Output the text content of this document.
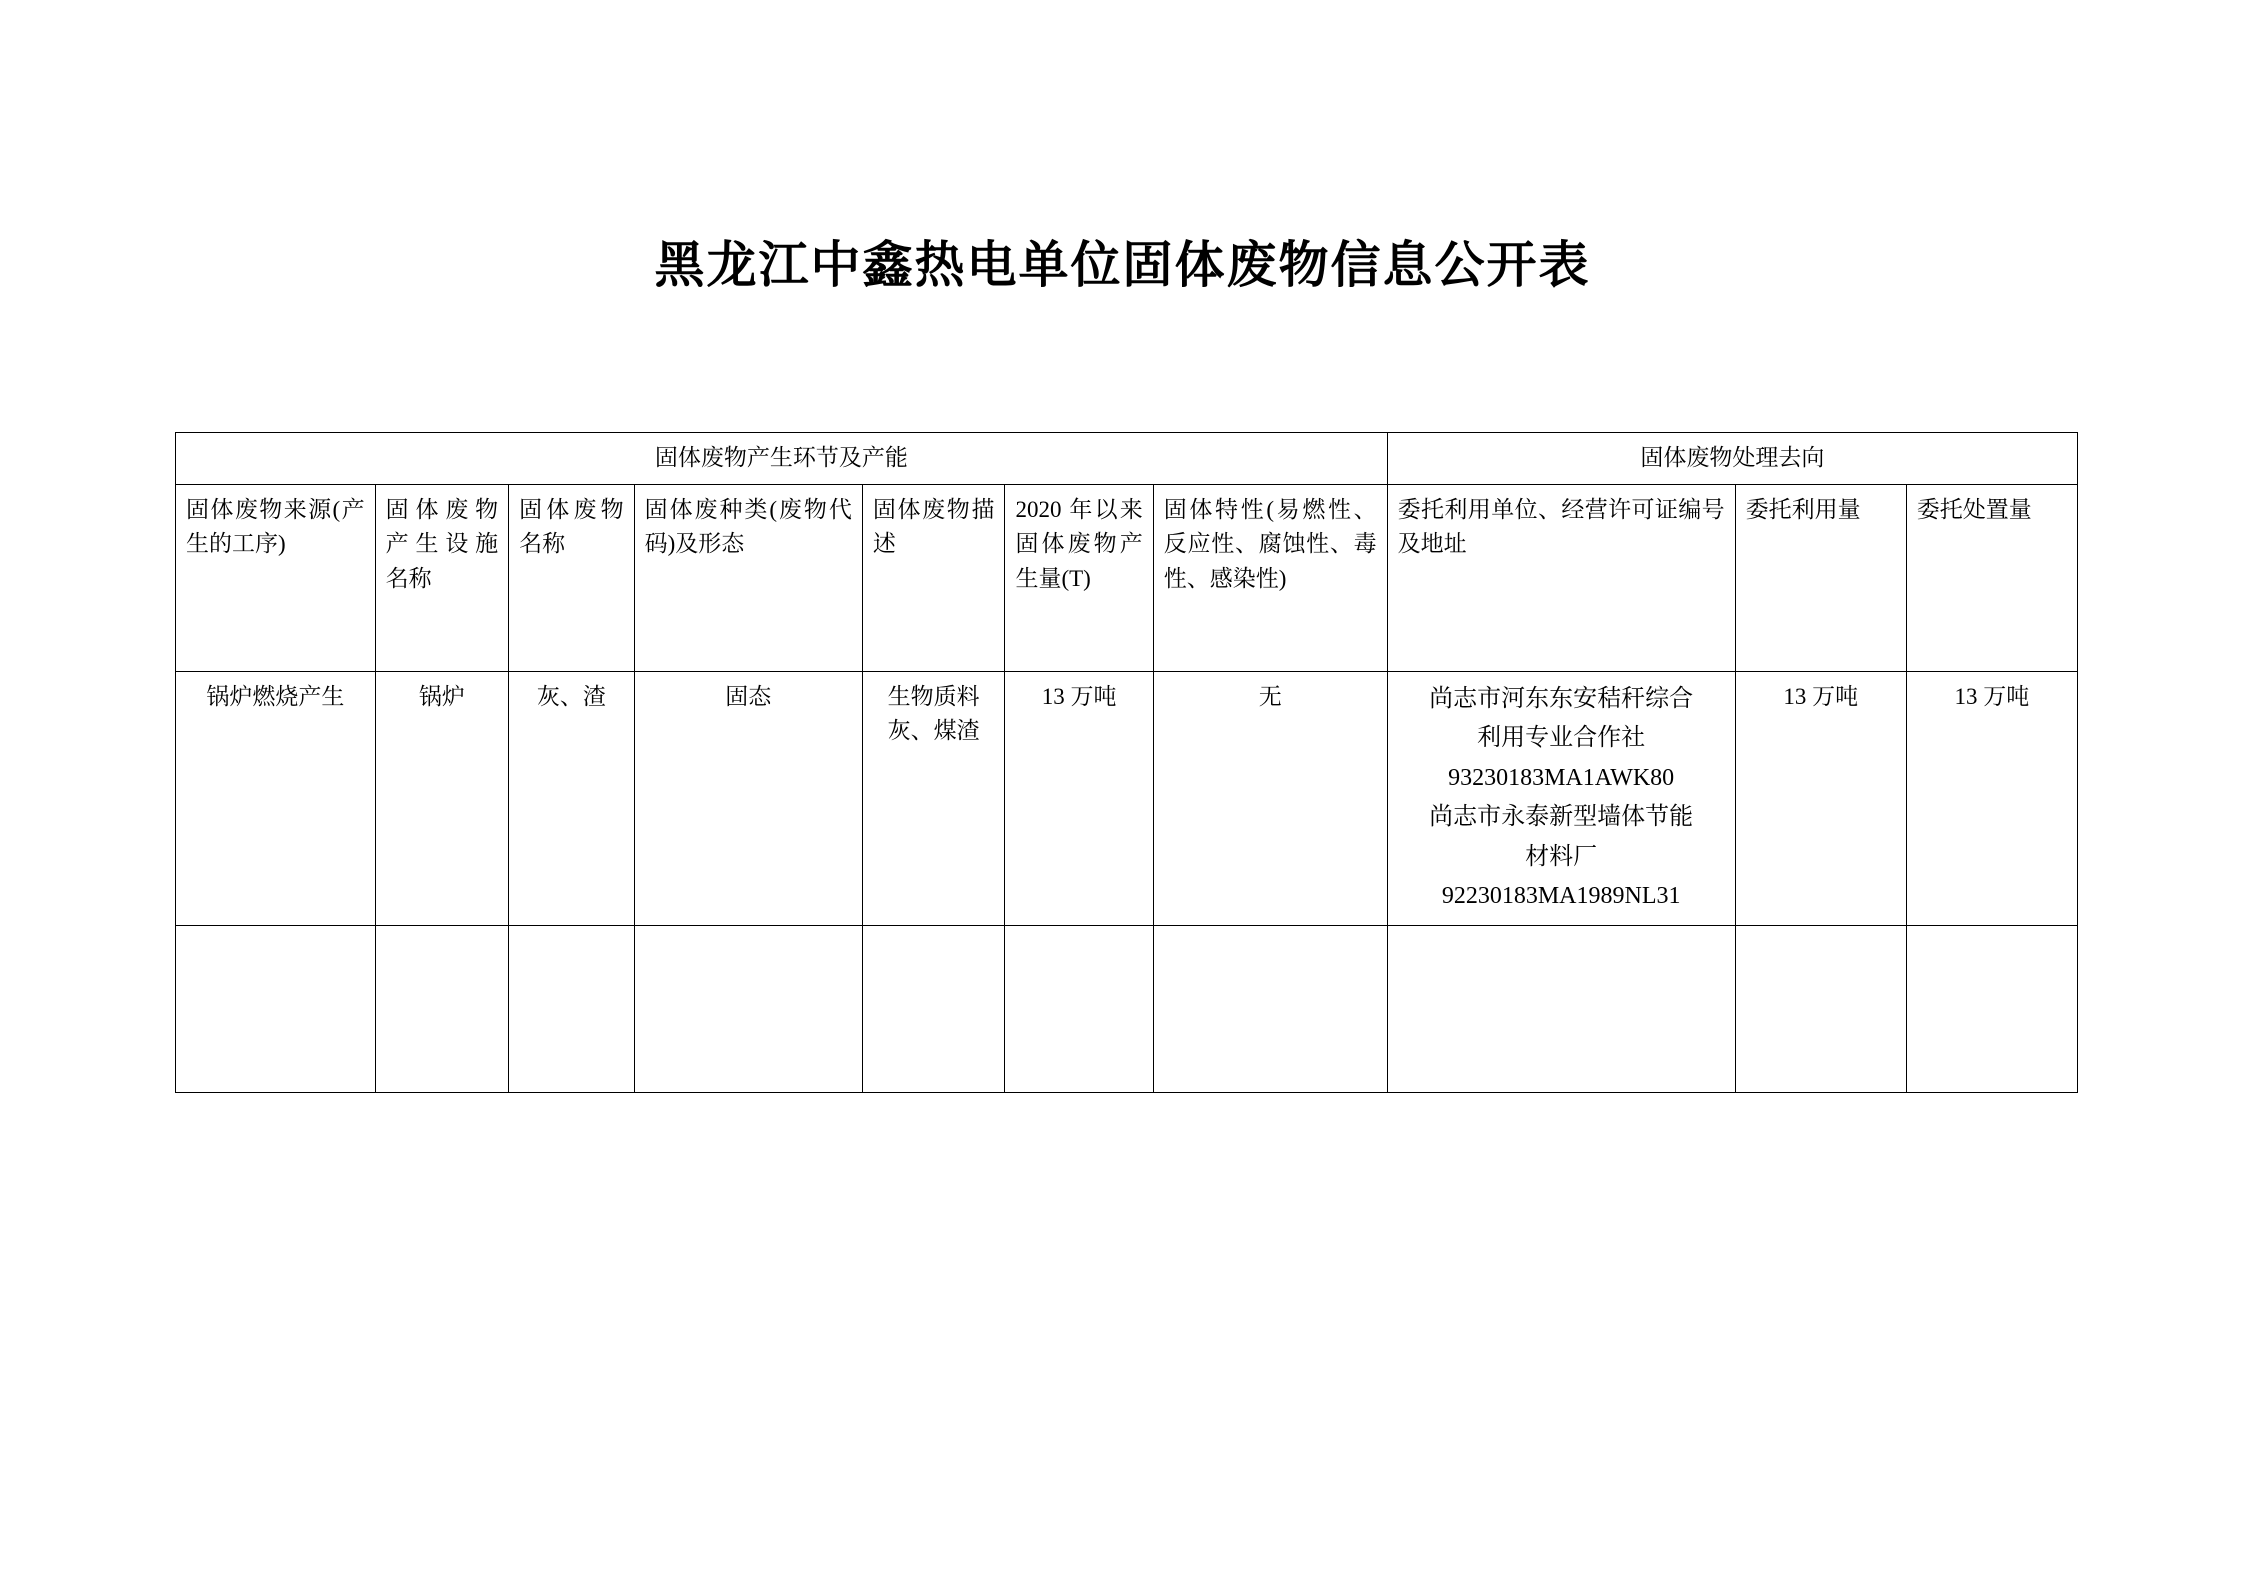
黑龙江中鑫热电单位固体废物信息公开表
固体废物产生环节及产能							固体废物处理去向		

固体废物来源(产生的工序)	固体废物产生设施名称	固体废物名称	固体废种类(废物代码)及形态	固体废物描述	2020 年以来固体废物产生量(T)	固体特性(易燃性、反应性、腐蚀性、毒性、感染性)	委托利用单位、经营许可证编号及地址	委托利用量	委托处置量

锅炉燃烧产生	锅炉	灰、渣	固态	生物质料灰、煤渣	13 万吨	无	尚志市河东东安秸秆综合
利用专业合作社
93230183MA1AWK80
尚志市永泰新型墙体节能
材料厂
92230183MA1989NL31	13 万吨	13 万吨
